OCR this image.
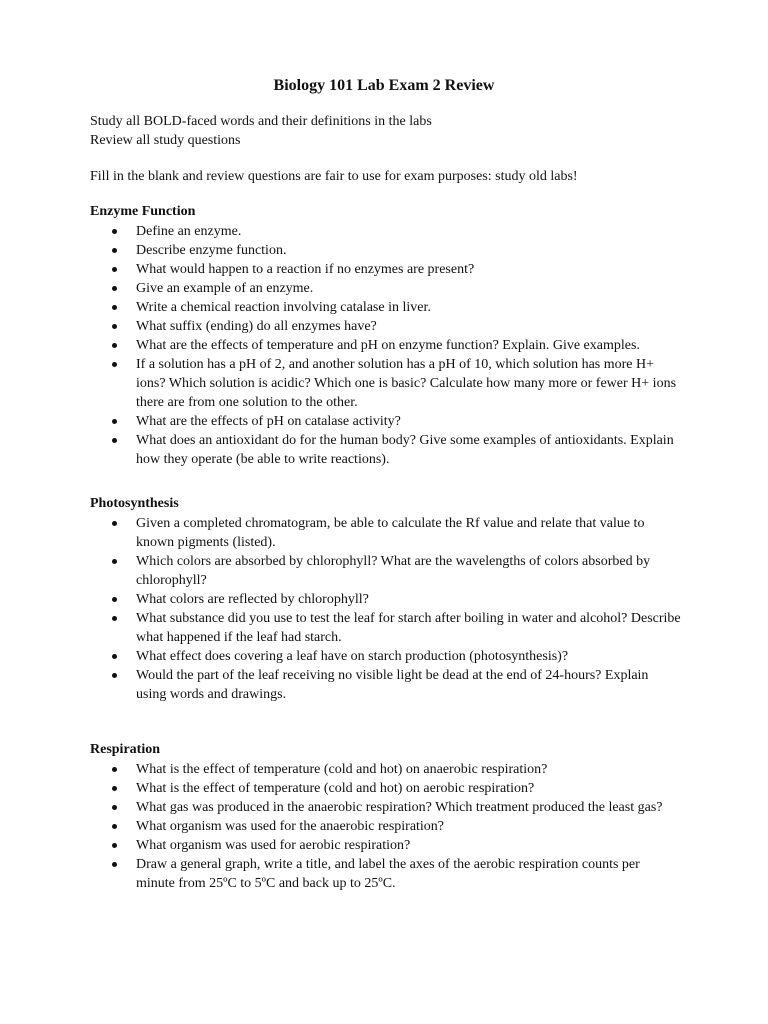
Biology 101 Lab Exam 2 Review
Study all BOLD-faced words and their definitions in the labs
Review all study questions
Fill in the blank and review questions are fair to use for exam purposes: study old labs!

Enzyme Function

Define an enzyme.
Describe enzyme function.
What would happen to a reaction if no enzymes are present?
Give an example of an enzyme.
Write a chemical reaction involving catalase in liver.
What suffix (ending) do all enzymes have?
What are the effects of temperature and pH on enzyme function? Explain. Give examples.
If a solution has a pH of 2, and another solution has a pH of 10, which solution has more H+ ions? Which solution is acidic? Which one is basic? Calculate how many more or fewer H+ ions there are from one solution to the other.
What are the effects of pH on catalase activity?
What does an antioxidant do for the human body? Give some examples of antioxidants. Explain how they operate (be able to write reactions).

Photosynthesis

Given a completed chromatogram, be able to calculate the Rf value and relate that value to known pigments (listed).
Which colors are absorbed by chlorophyll? What are the wavelengths of colors absorbed by chlorophyll?
What colors are reflected by chlorophyll?
What substance did you use to test the leaf for starch after boiling in water and alcohol? Describe what happened if the leaf had starch.
What effect does covering a leaf have on starch production (photosynthesis)?
Would the part of the leaf receiving no visible light be dead at the end of 24-hours? Explain using words and drawings.

Respiration

What is the effect of temperature (cold and hot) on anaerobic respiration?
What is the effect of temperature (cold and hot) on aerobic respiration?
What gas was produced in the anaerobic respiration? Which treatment produced the least gas?
What organism was used for the anaerobic respiration?
What organism was used for aerobic respiration?
Draw a general graph, write a title, and label the axes of the aerobic respiration counts per minute from 25ºC to 5ºC and back up to 25ºC.
